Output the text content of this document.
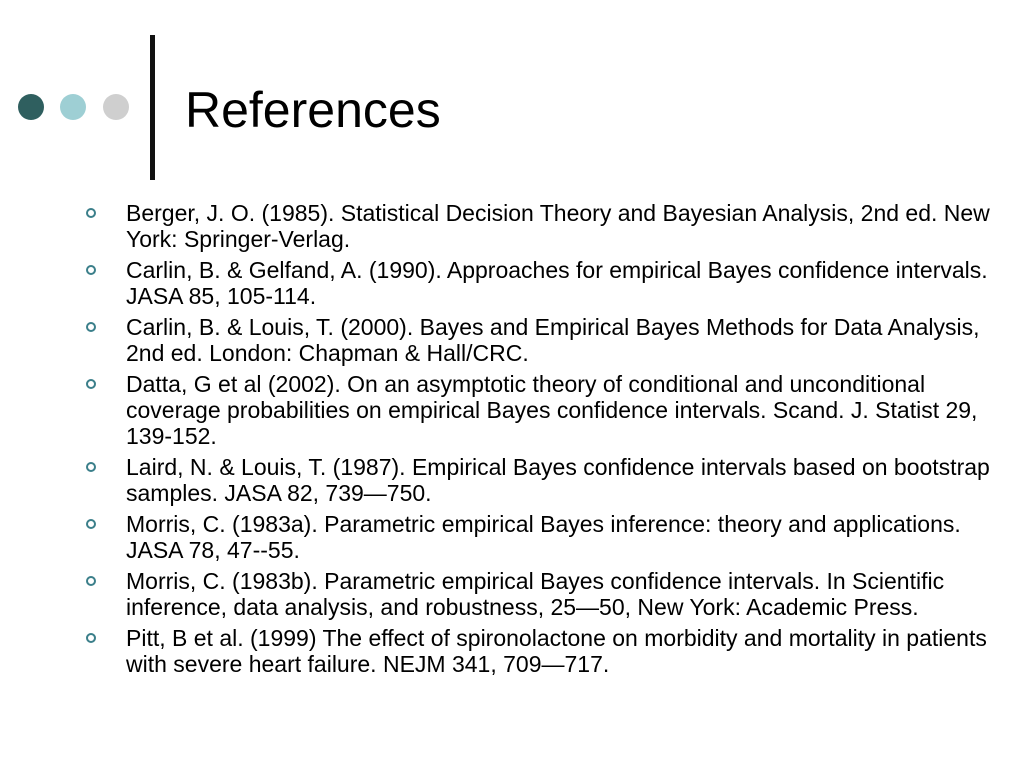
References
Berger, J. O. (1985). Statistical Decision Theory and Bayesian Analysis, 2nd ed. New York: Springer-Verlag.
Carlin, B. & Gelfand, A. (1990). Approaches for empirical Bayes confidence intervals. JASA 85, 105-114.
Carlin, B. & Louis, T. (2000). Bayes and Empirical Bayes Methods for Data Analysis, 2nd ed. London: Chapman & Hall/CRC.
Datta, G et al (2002). On an asymptotic theory of conditional and unconditional coverage probabilities on empirical Bayes confidence intervals. Scand. J. Statist 29, 139-152.
Laird, N. & Louis, T. (1987). Empirical Bayes confidence intervals based on bootstrap samples. JASA 82, 739—750.
Morris, C. (1983a). Parametric empirical Bayes inference: theory and applications. JASA 78, 47--55.
Morris, C. (1983b). Parametric empirical Bayes confidence intervals. In Scientific inference, data analysis, and robustness, 25—50, New York: Academic Press.
Pitt, B et al. (1999) The effect of spironolactone on morbidity and mortality in patients with severe heart failure. NEJM 341, 709—717.
